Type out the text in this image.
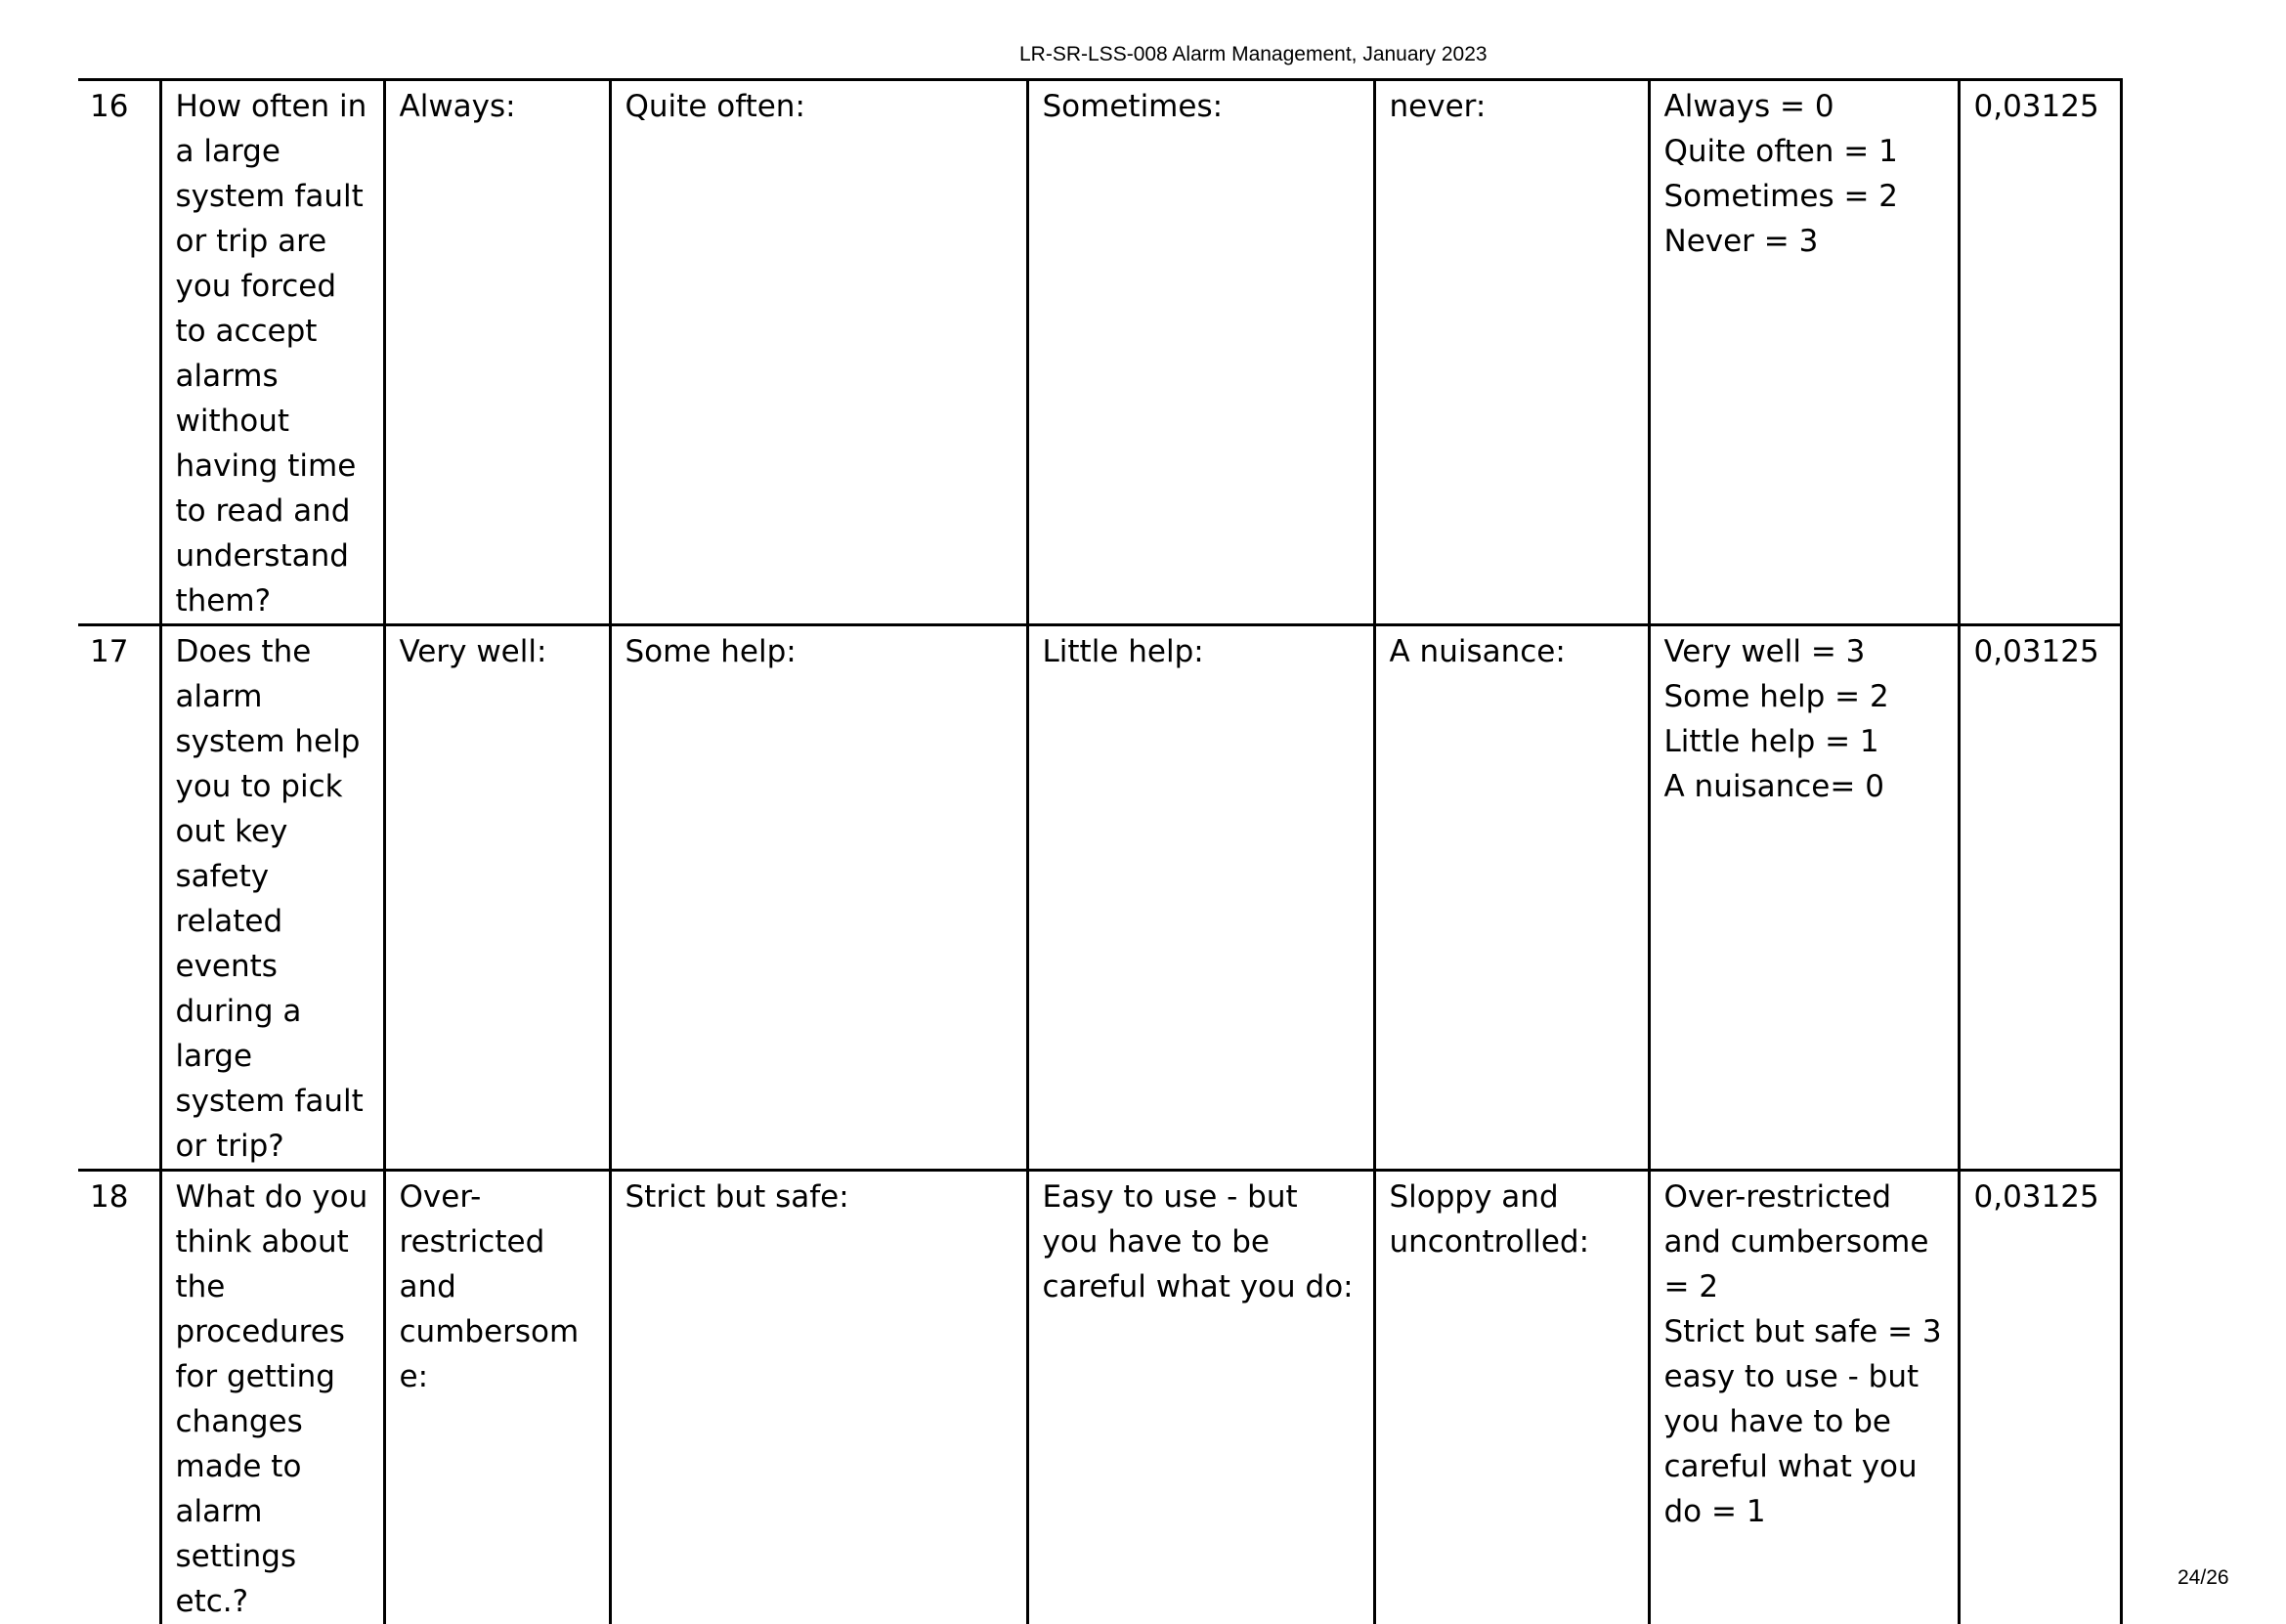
LR-SR-LSS-008 Alarm Management, January 2023
16	How often in a large system fault or trip are you forced to accept alarms without having time to read and understand them?	Always:	Quite often:	Sometimes:	never:	Always = 0
Quite often = 1
Sometimes = 2
Never = 3	0,03125
17	Does the alarm system help you to pick out key safety related events during a large system fault or trip?	Very well:	Some help:	Little help:	A nuisance:	Very well = 3
Some help = 2
Little help = 1
A nuisance= 0	0,03125
18	What do you think about the procedures for getting changes made to alarm settings etc.?	Over-restricted and cumbersome:	Strict but safe:	Easy to use - but you have to be careful what you do:	Sloppy and uncontrolled:	Over-restricted and cumbersome = 2
Strict but safe = 3
easy to use - but you have to be careful what you do = 1	0,03125
24/26
